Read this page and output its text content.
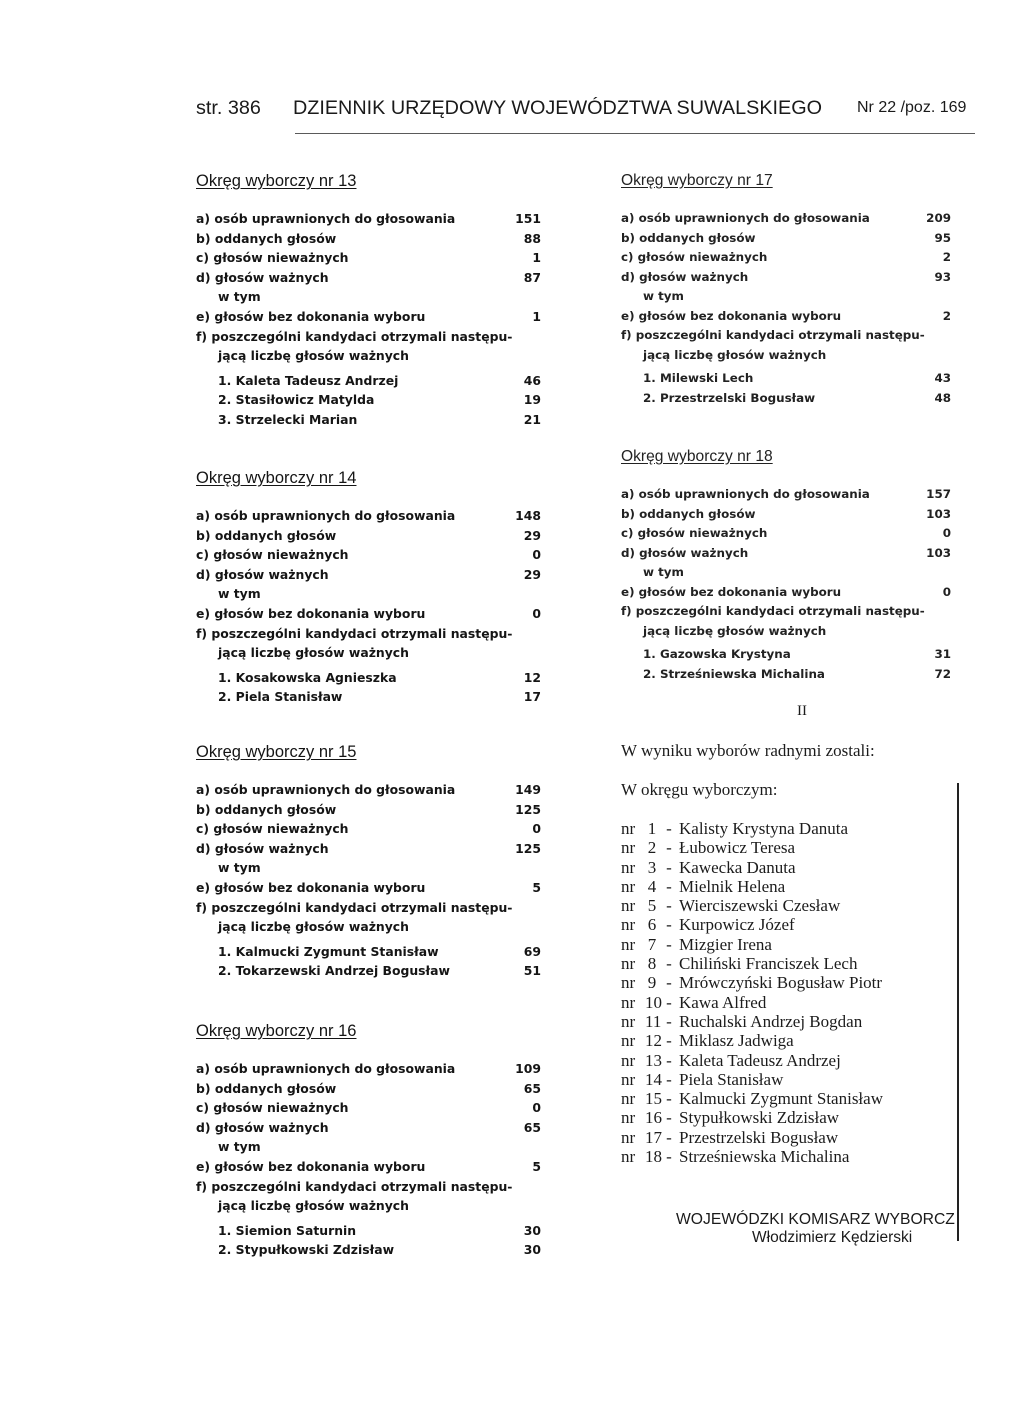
str. 386 DZIENNIK URZĘDOWY WOJEWÓDZTWA SUWALSKIEGO Nr 22 /poz. 169
Okręg wyborczy nr 13
a) osób uprawnionych do głosowania	151
b) oddanych głosów	88
c) głosów nieważnych	1
d) głosów ważnych	87
w tym
e) głosów bez dokonania wyboru	1
f) poszczególni kandydaci otrzymali następu-
jącą liczbę głosów ważnych
1. Kaleta Tadeusz Andrzej	46
2. Stasiłowicz Matylda	19
3. Strzelecki Marian	21
Okręg wyborczy nr 14
a) osób uprawnionych do głosowania	148
b) oddanych głosów	29
c) głosów nieważnych	0
d) głosów ważnych	29
w tym
e) głosów bez dokonania wyboru	0
f) poszczególni kandydaci otrzymali następu-
jącą liczbę głosów ważnych
1. Kosakowska Agnieszka	12
2. Piela Stanisław	17
Okręg wyborczy nr 15
a) osób uprawnionych do głosowania	149
b) oddanych głosów	125
c) głosów nieważnych	0
d) głosów ważnych	125
w tym
e) głosów bez dokonania wyboru	5
f) poszczególni kandydaci otrzymali następu-
jącą liczbę głosów ważnych
1. Kalmucki Zygmunt Stanisław	69
2. Tokarzewski Andrzej Bogusław	51
Okręg wyborczy nr 16
a) osób uprawnionych do głosowania	109
b) oddanych głosów	65
c) głosów nieważnych	0
d) głosów ważnych	65
w tym
e) głosów bez dokonania wyboru	5
f) poszczególni kandydaci otrzymali następu-
jącą liczbę głosów ważnych
1. Siemion Saturnin	30
2. Stypułkowski Zdzisław	30
Okręg wyborczy nr 17
a) osób uprawnionych do głosowania	209
b) oddanych głosów	95
c) głosów nieważnych	2
d) głosów ważnych	93
w tym
e) głosów bez dokonania wyboru	2
f) poszczególni kandydaci otrzymali następu-
jącą liczbę głosów ważnych
1. Milewski Lech	43
2. Przestrzelski Bogusław	48
Okręg wyborczy nr 18
a) osób uprawnionych do głosowania	157
b) oddanych głosów	103
c) głosów nieważnych	0
d) głosów ważnych	103
w tym
e) głosów bez dokonania wyboru	0
f) poszczególni kandydaci otrzymali następu-
jącą liczbę głosów ważnych
1. Gazowska Krystyna	31
2. Strześniewska Michalina	72
II
W wyniku wyborów radnymi zostali:
W okręgu wyborczym:
nr 1 - Kalisty Krystyna Danuta
nr 2 - Łubowicz Teresa
nr 3 - Kawecka Danuta
nr 4 - Mielnik Helena
nr 5 - Wierciszewski Czesław
nr 6 - Kurpowicz Józef
nr 7 - Mizgier Irena
nr 8 - Chiliński Franciszek Lech
nr 9 - Mrówczyński Bogusław Piotr
nr 10 - Kawa Alfred
nr 11 - Ruchalski Andrzej Bogdan
nr 12 - Miklasz Jadwiga
nr 13 - Kaleta Tadeusz Andrzej
nr 14 - Piela Stanisław
nr 15 - Kalmucki Zygmunt Stanisław
nr 16 - Stypułkowski Zdzisław
nr 17 - Przestrzelski Bogusław
nr 18 - Strześniewska Michalina
WOJEWÓDZKI KOMISARZ WYBORCZ
Włodzimierz Kędzierski
